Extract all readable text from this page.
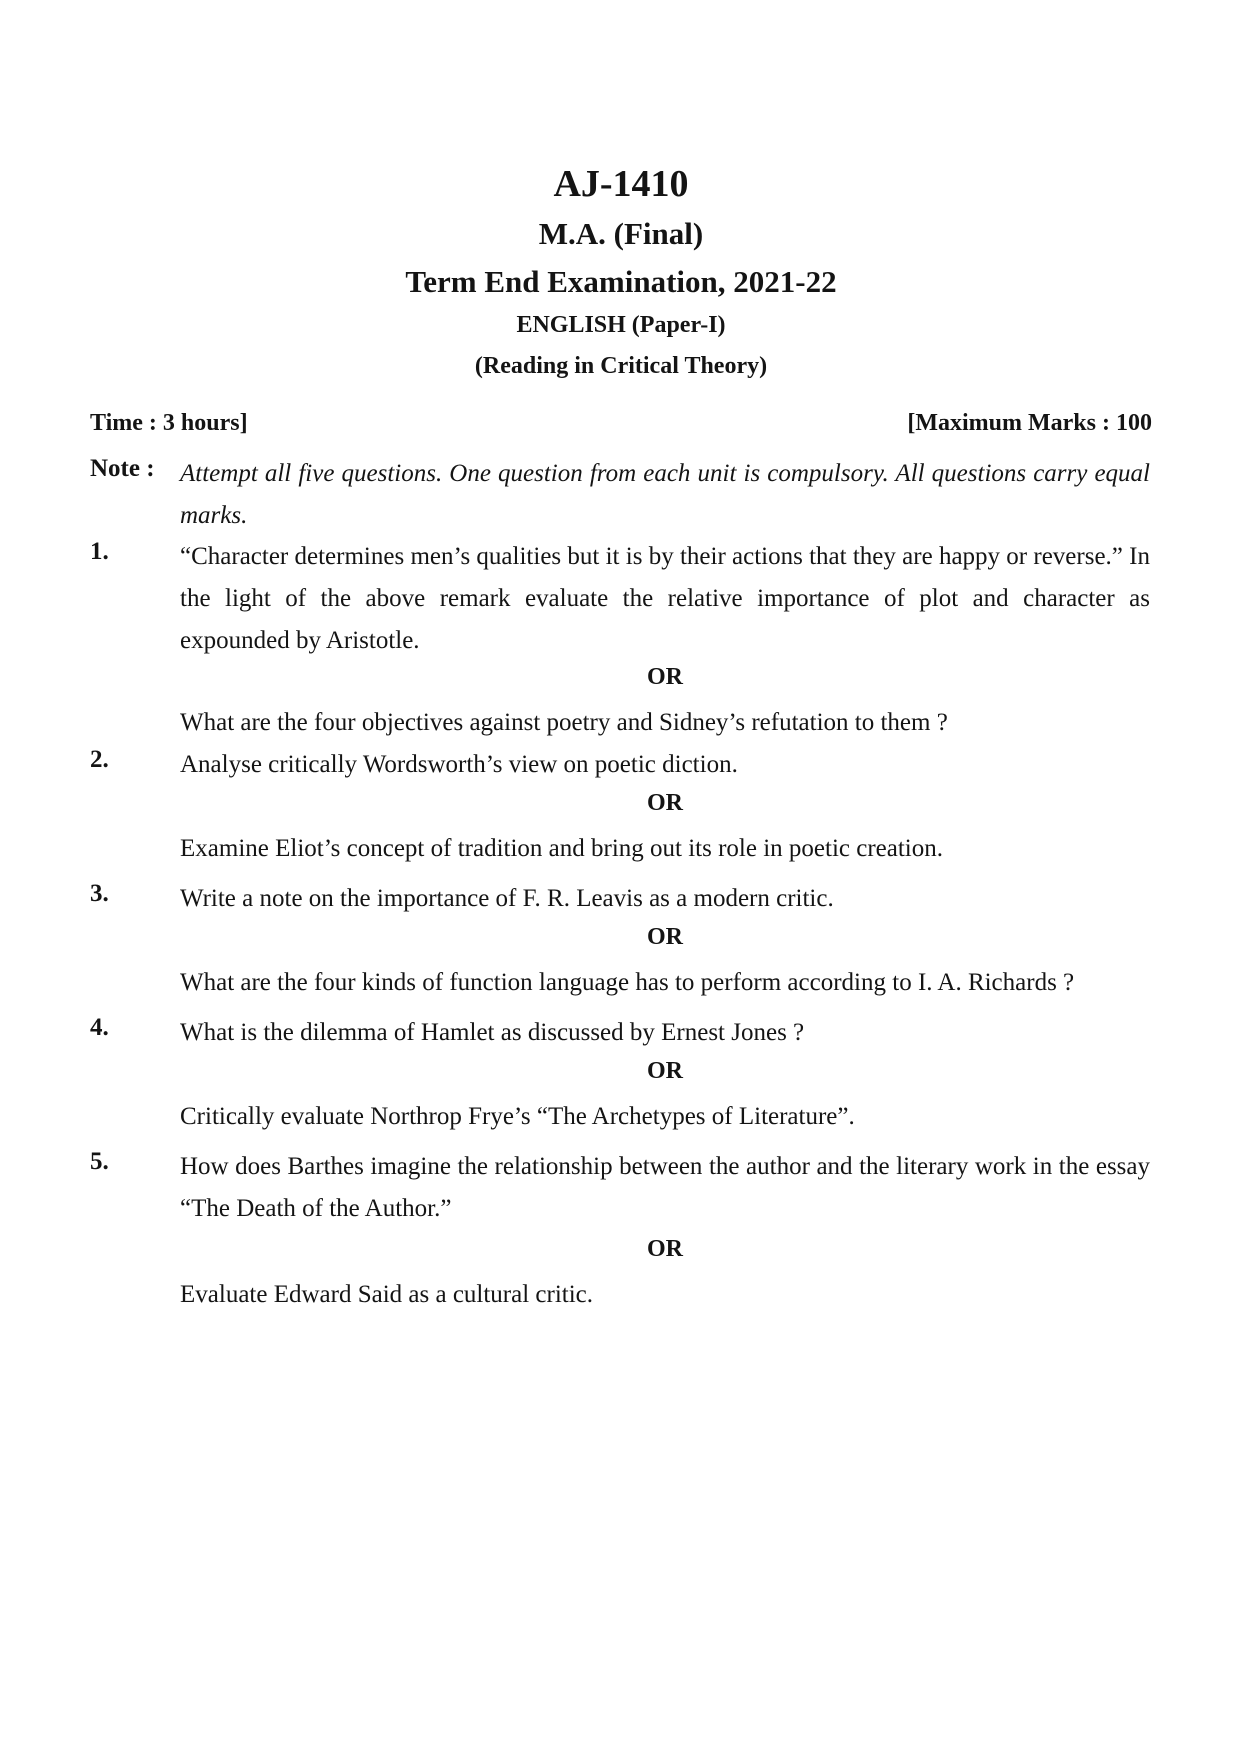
AJ-1410
M.A. (Final)
Term End Examination, 2021-22
ENGLISH (Paper-I)
(Reading in Critical Theory)
Time : 3 hours]	[Maximum Marks : 100
Note : Attempt all five questions. One question from each unit is compulsory. All questions carry equal marks.
1.	“Character determines men’s qualities but it is by their actions that they are happy or reverse.” In the light of the above remark evaluate the relative importance of plot and character as expounded by Aristotle.
OR
What are the four objectives against poetry and Sidney’s refutation to them ?
2.	Analyse critically Wordsworth’s view on poetic diction.
OR
Examine Eliot’s concept of tradition and bring out its role in poetic creation.
3.	Write a note on the importance of F. R. Leavis as a modern critic.
OR
What are the four kinds of function language has to perform according to I. A. Richards ?
4.	What is the dilemma of Hamlet as discussed by Ernest Jones ?
OR
Critically evaluate Northrop Frye’s “The Archetypes of Literature”.
5.	How does Barthes imagine the relationship between the author and the literary work in the essay “The Death of the Author.”
OR
Evaluate Edward Said as a cultural critic.
